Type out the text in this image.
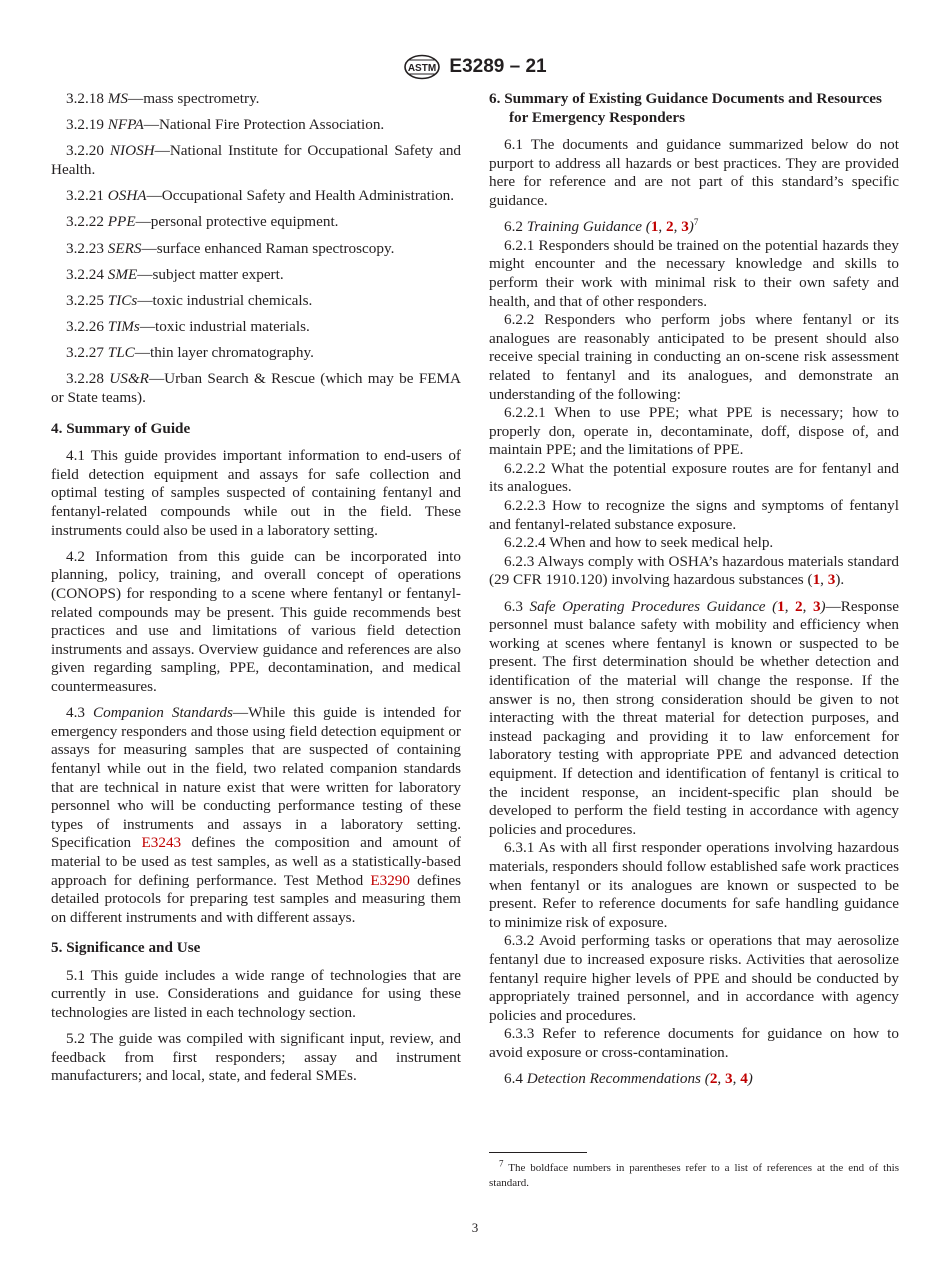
ASTM E3289 – 21

3.2.18 MS—mass spectrometry.

3.2.19 NFPA—National Fire Protection Association.

3.2.20 NIOSH—National Institute for Occupational Safety and Health.

3.2.21 OSHA—Occupational Safety and Health Administration.

3.2.22 PPE—personal protective equipment.

3.2.23 SERS—surface enhanced Raman spectroscopy.

3.2.24 SME—subject matter expert.

3.2.25 TICs—toxic industrial chemicals.

3.2.26 TIMs—toxic industrial materials.

3.2.27 TLC—thin layer chromatography.

3.2.28 US&R—Urban Search & Rescue (which may be FEMA or State teams).

4. Summary of Guide

4.1 This guide provides important information to end-users of field detection equipment and assays for safe collection and optimal testing of samples suspected of containing fentanyl and fentanyl-related compounds while out in the field. These instruments could also be used in a laboratory setting.

4.2 Information from this guide can be incorporated into planning, policy, training, and overall concept of operations (CONOPS) for responding to a scene where fentanyl or fentanyl-related compounds may be present. This guide recommends best practices and use and limitations of various field detection instruments and assays. Overview guidance and references are also given regarding sampling, PPE, decontamination, and medical countermeasures.

4.3 Companion Standards—While this guide is intended for emergency responders and those using field detection equipment or assays for measuring samples that are suspected of containing fentanyl while out in the field, two related companion standards that are technical in nature exist that were written for laboratory personnel who will be conducting performance testing of these types of instruments and assays in a laboratory setting. Specification E3243 defines the composition and amount of material to be used as test samples, as well as a statistically-based approach for defining performance. Test Method E3290 defines detailed protocols for preparing test samples and measuring them on different instruments and with different assays.

5. Significance and Use

5.1 This guide includes a wide range of technologies that are currently in use. Considerations and guidance for using these technologies are listed in each technology section.

5.2 The guide was compiled with significant input, review, and feedback from first responders; assay and instrument manufacturers; and local, state, and federal SMEs.

6. Summary of Existing Guidance Documents and Resources for Emergency Responders

6.1 The documents and guidance summarized below do not purport to address all hazards or best practices. They are provided here for reference and are not part of this standard’s specific guidance.

6.2 Training Guidance (1, 2, 3)$^7$

6.2.1 Responders should be trained on the potential hazards they might encounter and the necessary knowledge and skills to perform their work with minimal risk to their own safety and health, and that of other responders.

6.2.2 Responders who perform jobs where fentanyl or its analogues are reasonably anticipated to be present should also receive special training in conducting an on-scene risk assessment related to fentanyl and its analogues, and demonstrate an understanding of the following:

6.2.2.1 When to use PPE; what PPE is necessary; how to properly don, operate in, decontaminate, doff, dispose of, and maintain PPE; and the limitations of PPE.

6.2.2.2 What the potential exposure routes are for fentanyl and its analogues.

6.2.2.3 How to recognize the signs and symptoms of fentanyl and fentanyl-related substance exposure.

6.2.2.4 When and how to seek medical help.

6.2.3 Always comply with OSHA’s hazardous materials standard (29 CFR 1910.120) involving hazardous substances (1, 3).

6.3 Safe Operating Procedures Guidance (1, 2, 3)—Response personnel must balance safety with mobility and efficiency when working at scenes where fentanyl is known or suspected to be present. The first determination should be whether detection and identification of the material will change the response. If the answer is no, then strong consideration should be given to not interacting with the threat material for detection purposes, and instead packaging and providing it to law enforcement for laboratory testing with appropriate PPE and advanced detection equipment. If detection and identification of fentanyl is critical to the incident response, an incident-specific plan should be developed to perform the field testing in accordance with agency policies and procedures.

6.3.1 As with all first responder operations involving hazardous materials, responders should follow established safe work practices when fentanyl or its analogues are known or suspected to be present. Refer to reference documents for safe handling guidance to minimize risk of exposure.

6.3.2 Avoid performing tasks or operations that may aerosolize fentanyl due to increased exposure risks. Activities that aerosolize fentanyl require higher levels of PPE and should be conducted by appropriately trained personnel, and in accordance with agency policies and procedures.

6.3.3 Refer to reference documents for guidance on how to avoid exposure or cross-contamination.

6.4 Detection Recommendations (2, 3, 4)

$^7$ The boldface numbers in parentheses refer to a list of references at the end of this standard.
3
